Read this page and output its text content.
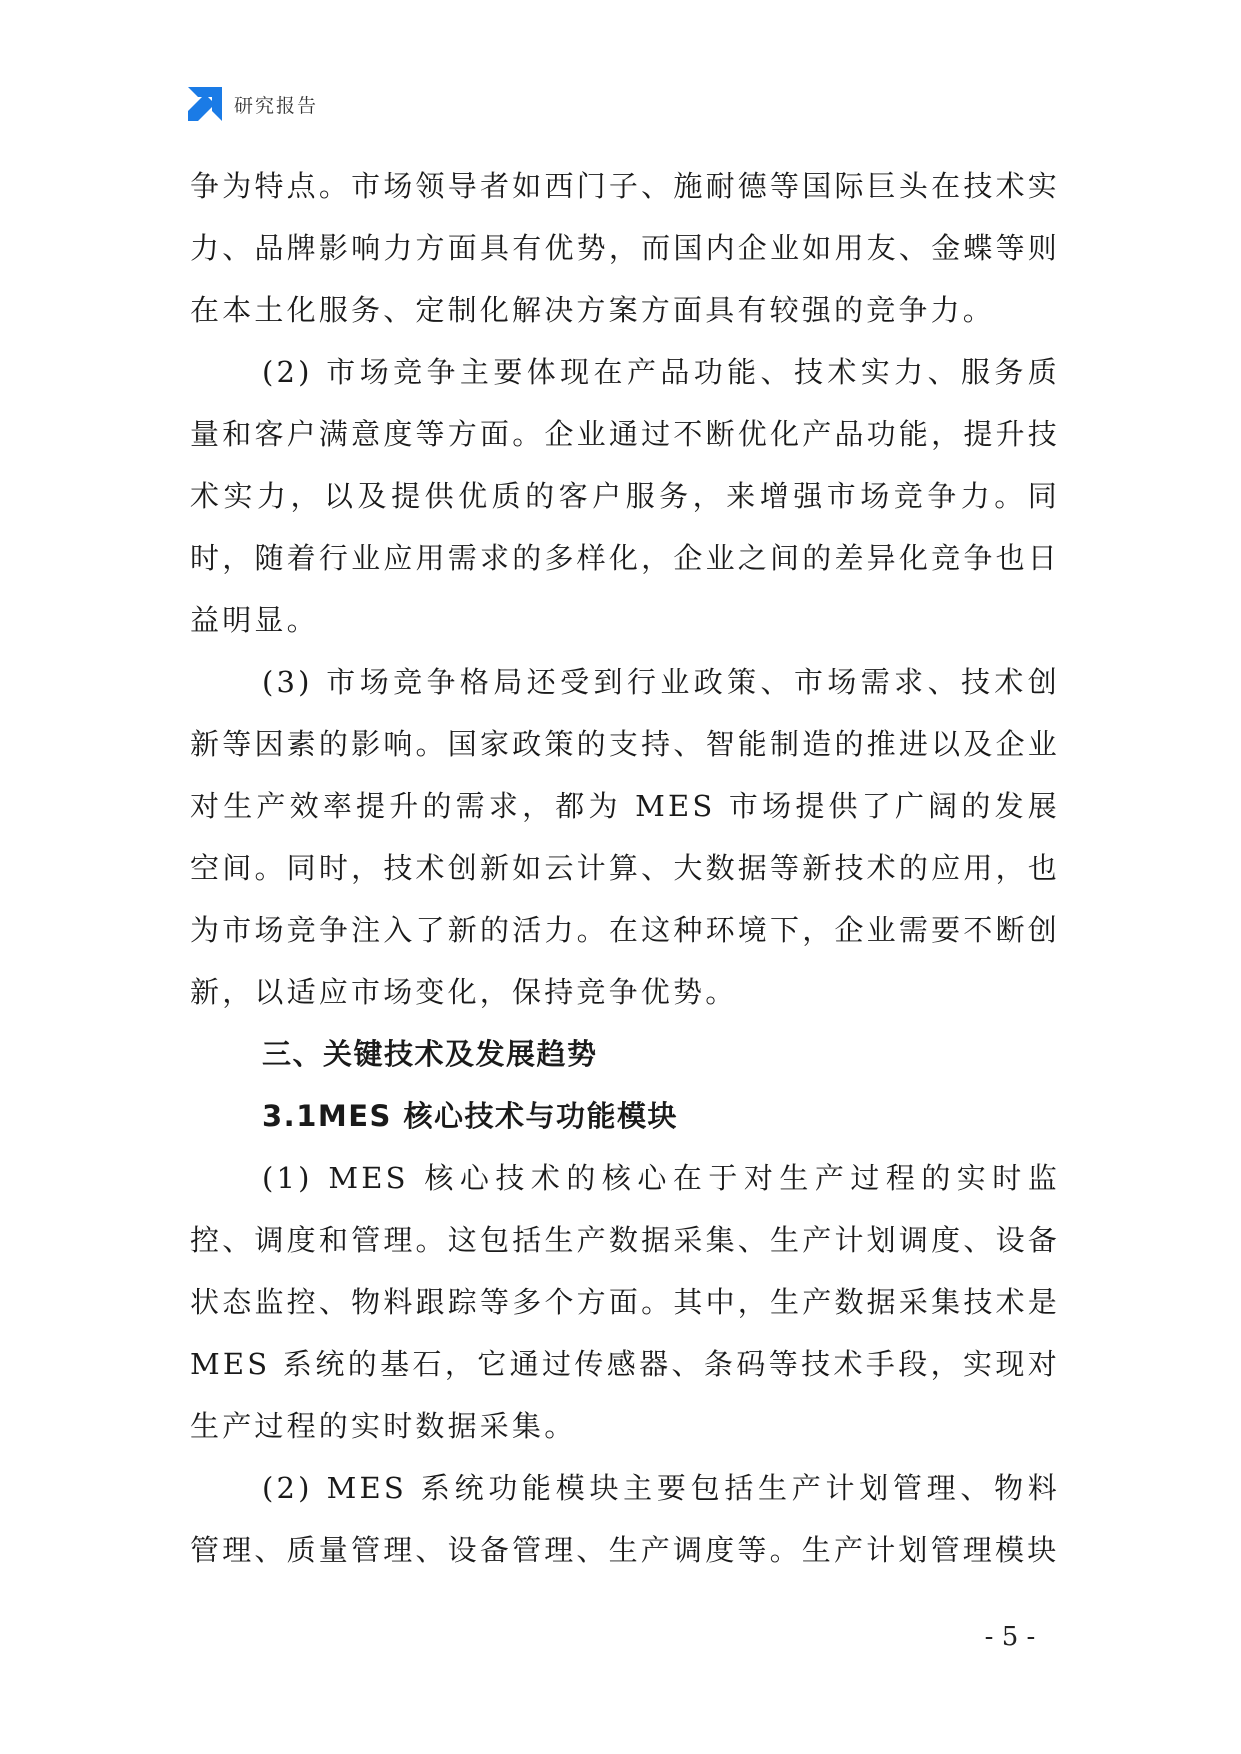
研究报告

争为特点。市场领导者如西门子、施耐德等国际巨头在技术实力、品牌影响力方面具有优势，而国内企业如用友、金蝶等则在本土化服务、定制化解决方案方面具有较强的竞争力。

(2) 市场竞争主要体现在产品功能、技术实力、服务质量和客户满意度等方面。企业通过不断优化产品功能，提升技术实力，以及提供优质的客户服务，来增强市场竞争力。同时，随着行业应用需求的多样化，企业之间的差异化竞争也日益明显。

(3) 市场竞争格局还受到行业政策、市场需求、技术创新等因素的影响。国家政策的支持、智能制造的推进以及企业对生产效率提升的需求，都为 MES 市场提供了广阔的发展空间。同时，技术创新如云计算、大数据等新技术的应用，也为市场竞争注入了新的活力。在这种环境下，企业需要不断创新，以适应市场变化，保持竞争优势。

三、关键技术及发展趋势
3.1MES 核心技术与功能模块

(1) MES 核心技术的核心在于对生产过程的实时监控、调度和管理。这包括生产数据采集、生产计划调度、设备状态监控、物料跟踪等多个方面。其中，生产数据采集技术是 MES 系统的基石，它通过传感器、条码等技术手段，实现对生产过程的实时数据采集。

(2) MES 系统功能模块主要包括生产计划管理、物料管理、质量管理、设备管理、生产调度等。生产计划管理模块

- 5 -
